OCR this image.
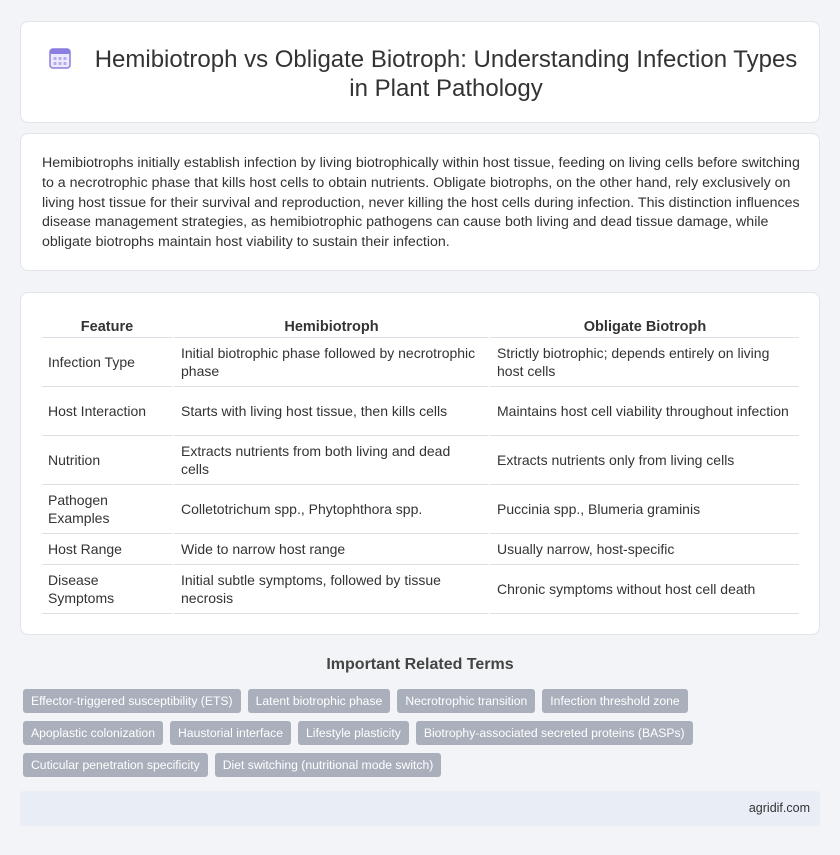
Hemibiotroph vs Obligate Biotroph: Understanding Infection Types in Plant Pathology

Hemibiotrophs initially establish infection by living biotrophically within host tissue, feeding on living cells before switching to a necrotrophic phase that kills host cells to obtain nutrients. Obligate biotrophs, on the other hand, rely exclusively on living host tissue for their survival and reproduction, never killing the host cells during infection. This distinction influences disease management strategies, as hemibiotrophic pathogens can cause both living and dead tissue damage, while obligate biotrophs maintain host viability to sustain their infection.

Feature	Hemibiotroph	Obligate Biotroph
Infection Type	Initial biotrophic phase followed by necrotrophic phase	Strictly biotrophic; depends entirely on living host cells
Host Interaction	Starts with living host tissue, then kills cells	Maintains host cell viability throughout infection
Nutrition	Extracts nutrients from both living and dead cells	Extracts nutrients only from living cells
Pathogen Examples	Colletotrichum spp., Phytophthora spp.	Puccinia spp., Blumeria graminis
Host Range	Wide to narrow host range	Usually narrow, host-specific
Disease Symptoms	Initial subtle symptoms, followed by tissue necrosis	Chronic symptoms without host cell death
Important Related Terms
Effector-triggered susceptibility (ETS)	Latent biotrophic phase	Necrotrophic transition	Infection threshold zone
Apoplastic colonization	Haustorial interface	Lifestyle plasticity	Biotrophy-associated secreted proteins (BASPs)
Cuticular penetration specificity	Diet switching (nutritional mode switch)
agridif.com
